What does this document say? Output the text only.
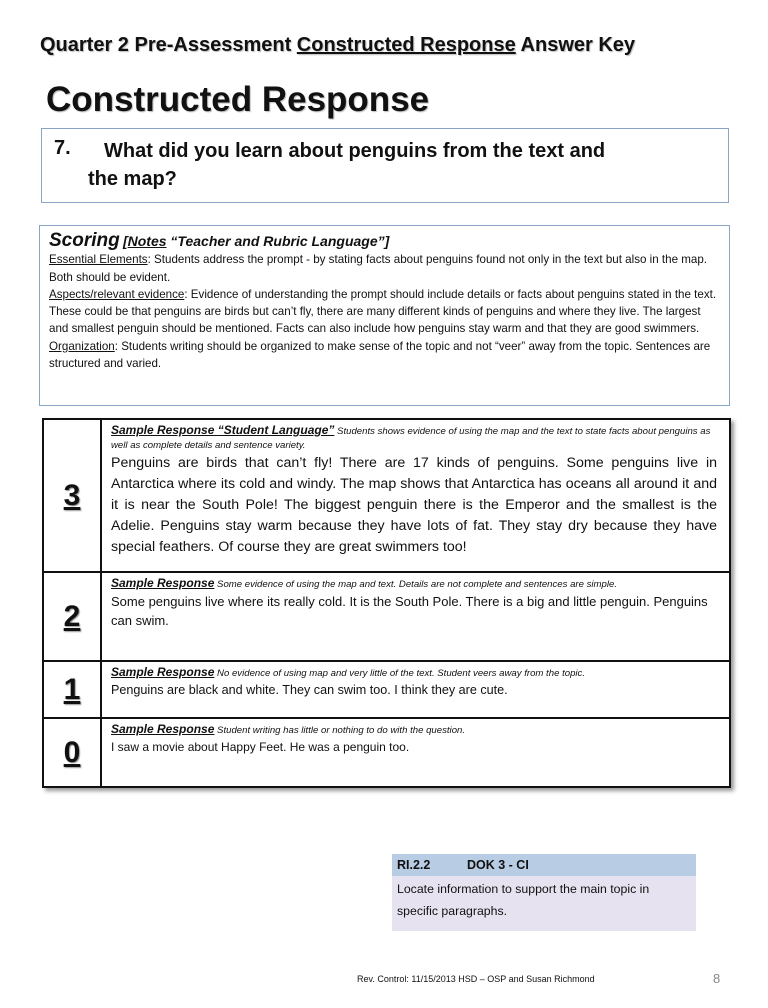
Quarter 2 Pre-Assessment Constructed Response Answer Key
Constructed Response
7. What did you learn about penguins from the text and
the map?
Scoring [Notes “Teacher and Rubric Language”]
Essential Elements: Students address the prompt - by stating facts about penguins found not only in the text but also in the map. Both should be evident.
Aspects/relevant evidence: Evidence of understanding the prompt should include details or facts about penguins stated in the text. These could be that penguins are birds but can’t fly, there are many different kinds of penguins and where they live. The largest and smallest penguin should be mentioned. Facts can also include how penguins stay warm and that they are good swimmers.
Organization: Students writing should be organized to make sense of the topic and not “veer” away from the topic. Sentences are structured and varied.
3	Sample Response “Student Language” Students shows evidence of using the map and the text to state facts about penguins as well as complete details and sentence variety.
Penguins are birds that can’t fly! There are 17 kinds of penguins. Some penguins live in Antarctica where its cold and windy. The map shows that Antarctica has oceans all around it and it is near the South Pole! The biggest penguin there is the Emperor and the smallest is the Adelie. Penguins stay warm because they have lots of fat. They stay dry because they have special feathers. Of course they are great swimmers too!

2	Sample Response Some evidence of using the map and text. Details are not complete and sentences are simple.
Some penguins live where its really cold. It is the South Pole. There is a big and little penguin. Penguins can swim.

1	Sample Response No evidence of using map and very little of the text. Student veers away from the topic.
Penguins are black and white. They can swim too. I think they are cute.

0	Sample Response Student writing has little or nothing to do with the question.
I saw a movie about Happy Feet. He was a penguin too.
RI.2.2	DOK 3 - CI
Locate information to support the main topic in specific paragraphs.
Rev. Control: 11/15/2013 HSD – OSP and Susan Richmond	8
